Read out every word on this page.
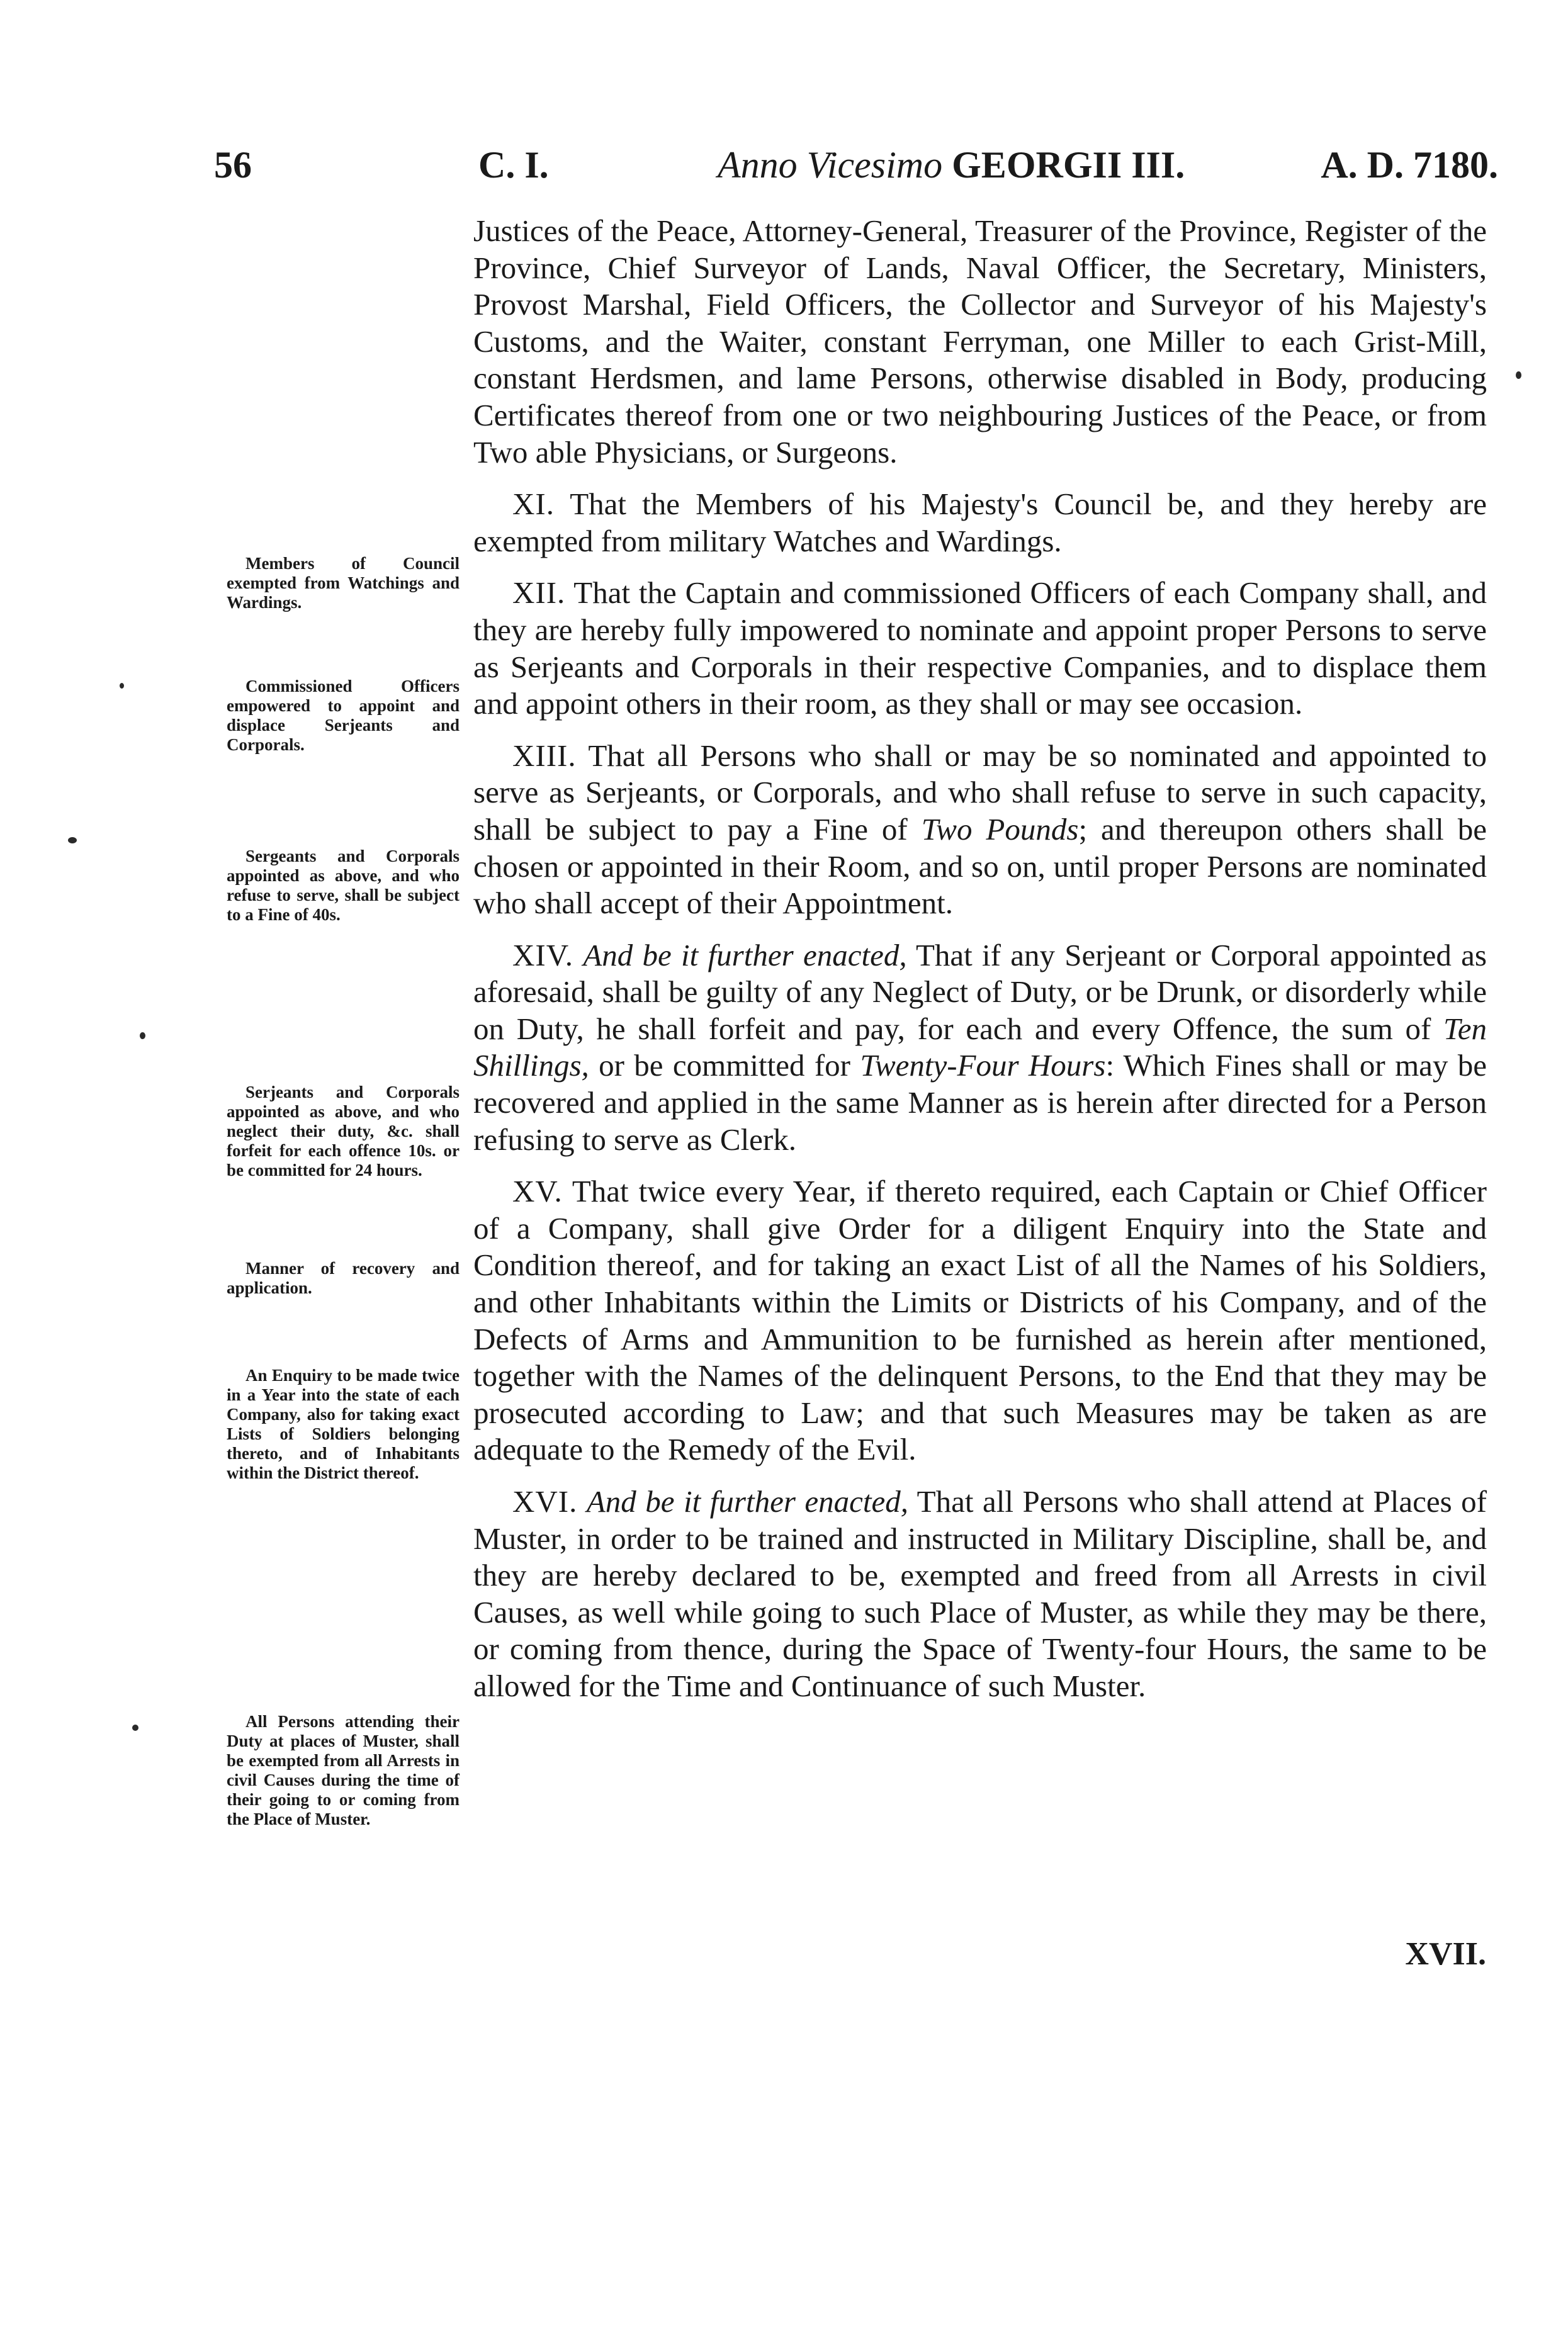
56	C. I.	Anno Vicesimo GEORGII III.	A. D. 7180.

Justices of the Peace, Attorney-General, Treasurer of the Province, Register of the Province, Chief Surveyor of Lands, Naval Officer, the Secretary, Ministers, Provost Marshal, Field Officers, the Collector and Surveyor of his Majesty's Customs, and the Waiter, constant Ferryman, one Miller to each Grist-Mill, constant Herdsmen, and lame Persons, otherwise disabled in Body, producing Certificates thereof from one or two neighbouring Justices of the Peace, or from Two able Physicians, or Surgeons.

XI. That the Members of his Majesty's Council be, and they hereby are exempted from military Watches and Wardings.

XII. That the Captain and commissioned Officers of each Company shall, and they are hereby fully impowered to nominate and appoint proper Persons to serve as Serjeants and Corporals in their respective Companies, and to displace them and appoint others in their room, as they shall or may see occasion.

XIII. That all Persons who shall or may be so nominated and appointed to serve as Serjeants, or Corporals, and who shall refuse to serve in such capacity, shall be subject to pay a Fine of Two Pounds; and thereupon others shall be chosen or appointed in their Room, and so on, until proper Persons are nominated who shall accept of their Appointment.

XIV. And be it further enacted, That if any Serjeant or Corporal appointed as aforesaid, shall be guilty of any Neglect of Duty, or be Drunk, or disorderly while on Duty, he shall forfeit and pay, for each and every Offence, the sum of Ten Shillings, or be committed for Twenty-Four Hours: Which Fines shall or may be recovered and applied in the same Manner as is herein after directed for a Person refusing to serve as Clerk.

XV. That twice every Year, if thereto required, each Captain or Chief Officer of a Company, shall give Order for a diligent Enquiry into the State and Condition thereof, and for taking an exact List of all the Names of his Soldiers, and other Inhabitants within the Limits or Districts of his Company, and of the Defects of Arms and Ammunition to be furnished as herein after mentioned, together with the Names of the delinquent Persons, to the End that they may be prosecuted according to Law; and that such Measures may be taken as are adequate to the Remedy of the Evil.

XVI. And be it further enacted, That all Persons who shall attend at Places of Muster, in order to be trained and instructed in Military Discipline, shall be, and they are hereby declared to be, exempted and freed from all Arrests in civil Causes, as well while going to such Place of Muster, as while they may be there, or coming from thence, during the Space of Twenty-four Hours, the same to be allowed for the Time and Continuance of such Muster.

XVII.
Members of Council exempted from Watchings and Wardings.
Commissioned Officers empowered to appoint and displace Serjeants and Corporals.
Sergeants and Corporals appointed as above, and who refuse to serve, shall be subject to a Fine of 40s.
Serjeants and Corporals appointed as above, and who neglect their duty, &c. shall forfeit for each offence 10s. or be committed for 24 hours.
Manner of recovery and application.
An Enquiry to be made twice in a Year into the state of each Company, also for taking exact Lists of Soldiers belonging thereto, and of Inhabitants within the District thereof.
All Persons attending their Duty at places of Muster, shall be exempted from all Arrests in civil Causes during the time of their going to or coming from the Place of Muster.
